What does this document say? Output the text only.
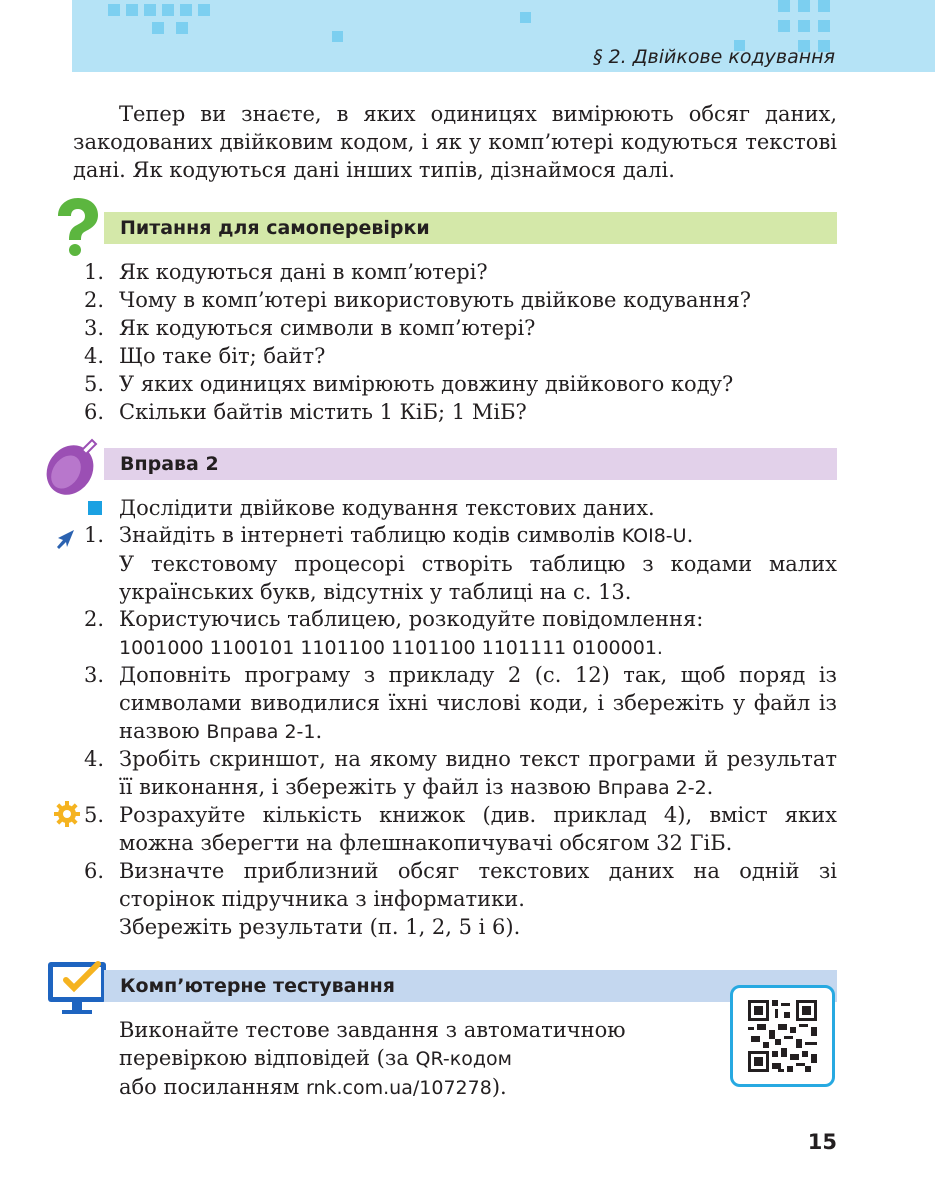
§ 2. Двійкове кодування
Тепер ви знаєте, в яких одиницях вимірюють обсяг даних, закодованих двійковим кодом, і як у комп’ютері кодуються текстові дані. Як кодуються дані інших типів, дізнаймося далі.
Питання для самоперевірки
1. Як кодуються дані в комп’ютері?
2. Чому в комп’ютері використовують двійкове кодування?
3. Як кодуються символи в комп’ютері?
4. Що таке біт; байт?
5. У яких одиницях вимірюють довжину двійкового коду?
6. Скільки байтів містить 1 КіБ; 1 МіБ?
Вправа 2
Дослідити двійкове кодування текстових даних.
1. Знайдіть в інтернеті таблицю кодів символів KOI8-U.
У текстовому процесорі створіть таблицю з кодами малих українських букв, відсутніх у таблиці на с. 13.
2. Користуючись таблицею, розкодуйте повідомлення:
1001000 1100101 1101100 1101100 1101111 0100001.
3. Доповніть програму з прикладу 2 (с. 12) так, щоб поряд із символами виводилися їхні числові коди, і збережіть у файл із назвою Вправа 2-1.
4. Зробіть скриншот, на якому видно текст програми й результат її виконання, і збережіть у файл із назвою Вправа 2-2.
5. Розрахуйте кількість книжок (див. приклад 4), вміст яких можна зберегти на флешнакопичувачі обсягом 32 ГіБ.
6. Визначте приблизний обсяг текстових даних на одній зі сторінок підручника з інформатики.
Збережіть результати (п. 1, 2, 5 і 6).
Комп’ютерне тестування
Виконайте тестове завдання з автоматичною
перевіркою відповідей (за QR-кодом
або посиланням rnk.com.ua/107278).
15
